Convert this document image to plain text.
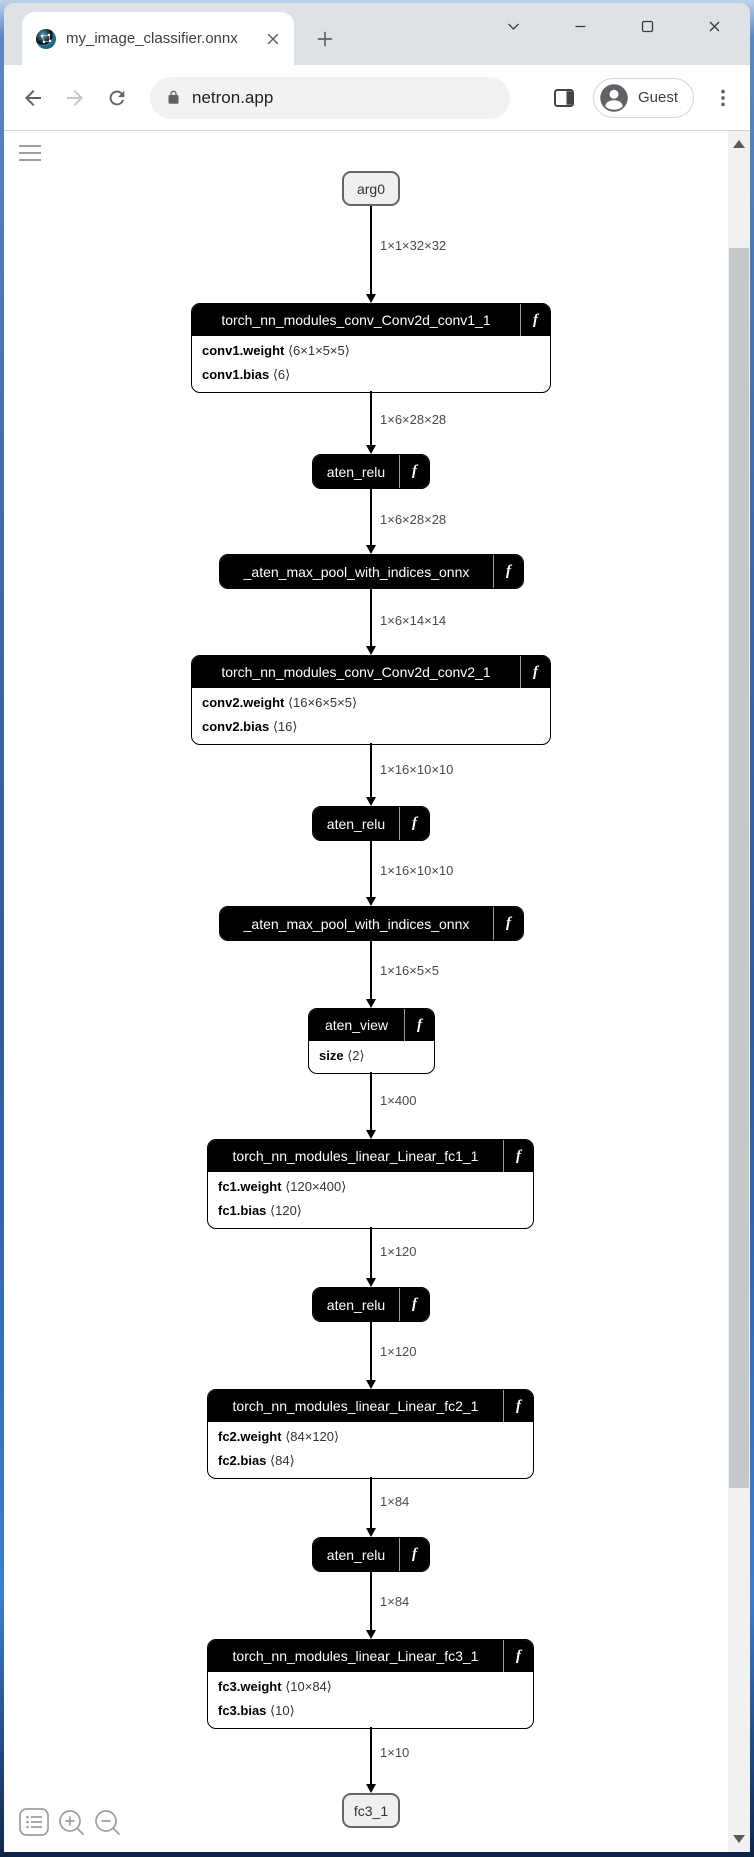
my_image_classifier.onnx
netron.app	Guest
arg0
torch_nn_modules_conv_Conv2d_conv1_1	f
conv1.weight ⟨6×1×5×5⟩
conv1.bias ⟨6⟩
aten_relu	f
_aten_max_pool_with_indices_onnx	f
torch_nn_modules_conv_Conv2d_conv2_1	f
conv2.weight ⟨16×6×5×5⟩
conv2.bias ⟨16⟩
aten_relu	f
_aten_max_pool_with_indices_onnx	f
aten_view	f
size ⟨2⟩
torch_nn_modules_linear_Linear_fc1_1	f
fc1.weight ⟨120×400⟩
fc1.bias ⟨120⟩
aten_relu	f
torch_nn_modules_linear_Linear_fc2_1	f
fc2.weight ⟨84×120⟩
fc2.bias ⟨84⟩
aten_relu	f
torch_nn_modules_linear_Linear_fc3_1	f
fc3.weight ⟨10×84⟩
fc3.bias ⟨10⟩
fc3_1
1×1×32×32
1×6×28×28
1×6×28×28
1×6×14×14
1×16×10×10
1×16×10×10
1×16×5×5
1×400
1×120
1×120
1×84
1×84
1×10
